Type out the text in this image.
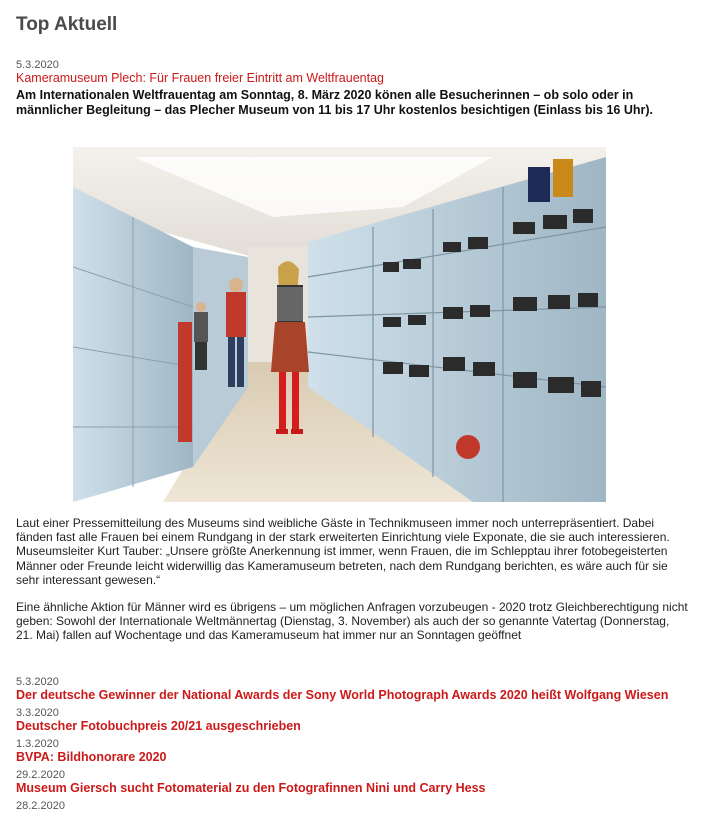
Top Aktuell
5.3.2020
Kameramuseum Plech: Für Frauen freier Eintritt am Weltfrauentag
Am Internationalen Weltfrauentag am Sonntag, 8. März 2020 könen alle Besucherinnen – ob solo oder in männlicher Begleitung – das Plecher Museum von 11 bis 17 Uhr kostenlos besichtigen (Einlass bis 16 Uhr).
Laut einer Pressemitteilung des Museums sind weibliche Gäste in Technikmuseen immer noch unterrepräsentiert. Dabei fänden fast alle Frauen bei einem Rundgang in der stark erweiterten Einrichtung viele Exponate, die sie auch interessieren. Museumsleiter Kurt Tauber: „Unsere größte Anerkennung ist immer, wenn Frauen, die im Schlepptau ihrer fotobegeisterten Männer oder Freunde leicht widerwillig das Kameramuseum betreten, nach dem Rundgang berichten, es wäre auch für sie sehr interessant gewesen.“
Eine ähnliche Aktion für Männer wird es übrigens – um möglichen Anfragen vorzubeugen - 2020 trotz Gleichberechtigung nicht geben: Sowohl der Internationale Weltmännertag (Dienstag, 3. November) als auch der so genannte Vatertag (Donnerstag, 21. Mai) fallen auf Wochentage und das Kameramuseum hat immer nur an Sonntagen geöffnet
5.3.2020
Der deutsche Gewinner der National Awards der Sony World Photograph Awards 2020 heißt Wolfgang Wiesen
3.3.2020
Deutscher Fotobuchpreis 20/21 ausgeschrieben
1.3.2020
BVPA: Bildhonorare 2020
29.2.2020
Museum Giersch sucht Fotomaterial zu den Fotografinnen Nini und Carry Hess
28.2.2020
